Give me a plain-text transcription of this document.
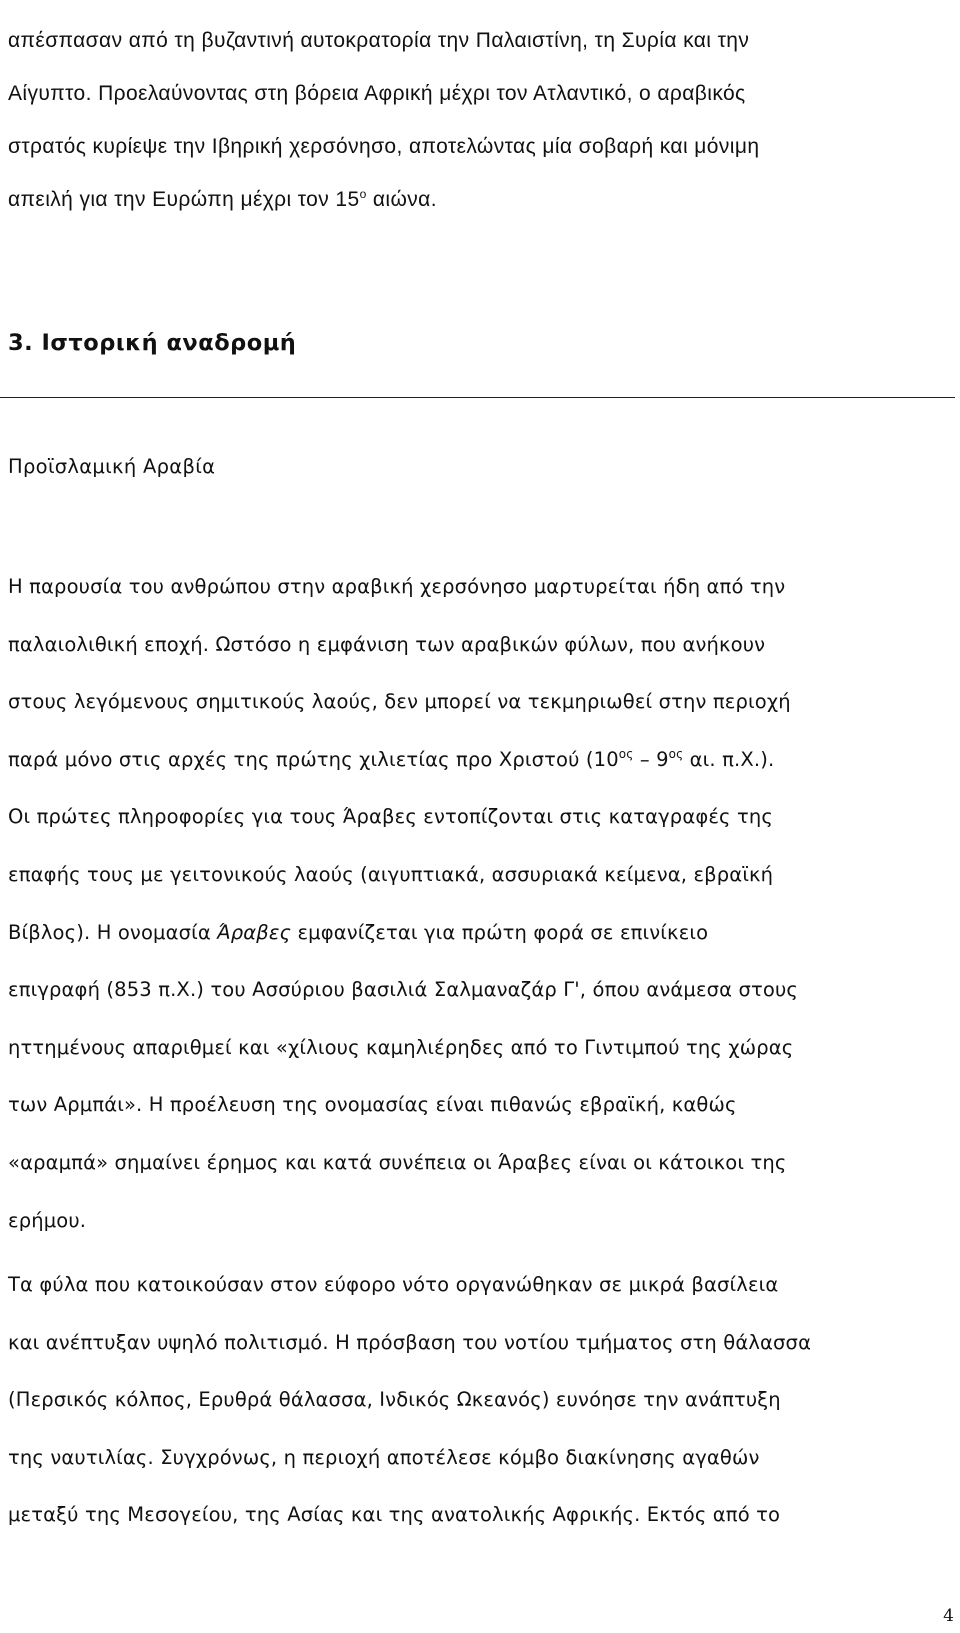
απέσπασαν από τη βυζαντινή αυτοκρατορία την Παλαιστίνη, τη Συρία και την
Αίγυπτο. Προελαύνοντας στη βόρεια Αφρική μέχρι τον Ατλαντικό, ο αραβικός
στρατός κυρίεψε την Ιβηρική χερσόνησο, αποτελώντας μία σοβαρή και μόνιμη
απειλή για την Ευρώπη μέχρι τον $15^o$ αιώνα.

3. Ιστορική αναδρομή

Προϊσλαμική Αραβία

Η παρουσία του ανθρώπου στην αραβική χερσόνησο μαρτυρείται ήδη από την
παλαιολιθική εποχή. Ωστόσο η εμφάνιση των αραβικών φύλων, που ανήκουν
στους λεγόμενους σημιτικούς λαούς, δεν μπορεί να τεκμηριωθεί στην περιοχή
παρά μόνο στις αρχές της πρώτης χιλιετίας προ Χριστού ($10^{o\varsigma} - 9^{o\varsigma}$ αι. π.Χ.).
Οι πρώτες πληροφορίες για τους Άραβες εντοπίζονται στις καταγραφές της
επαφής τους με γειτονικούς λαούς (αιγυπτιακά, ασσυριακά κείμενα, εβραϊκή
Βίβλος). Η ονομασία Άραβες εμφανίζεται για πρώτη φορά σε επινίκειο
επιγραφή (853 π.Χ.) του Ασσύριου βασιλιά Σαλμαναζάρ Γ', όπου ανάμεσα στους
ηττημένους απαριθμεί και «χίλιους καμηλιέρηδες από το Γιντιμπού της χώρας
των Αρμπάι». Η προέλευση της ονομασίας είναι πιθανώς εβραϊκή, καθώς
«αραμπά» σημαίνει έρημος και κατά συνέπεια οι Άραβες είναι οι κάτοικοι της
ερήμου.

Τα φύλα που κατοικούσαν στον εύφορο νότο οργανώθηκαν σε μικρά βασίλεια
και ανέπτυξαν υψηλό πολιτισμό. Η πρόσβαση του νοτίου τμήματος στη θάλασσα
(Περσικός κόλπος, Ερυθρά θάλασσα, Ινδικός Ωκεανός) ευνόησε την ανάπτυξη
της ναυτιλίας. Συγχρόνως, η περιοχή αποτέλεσε κόμβο διακίνησης αγαθών
μεταξύ της Μεσογείου, της Ασίας και της ανατολικής Αφρικής. Εκτός από το

4
